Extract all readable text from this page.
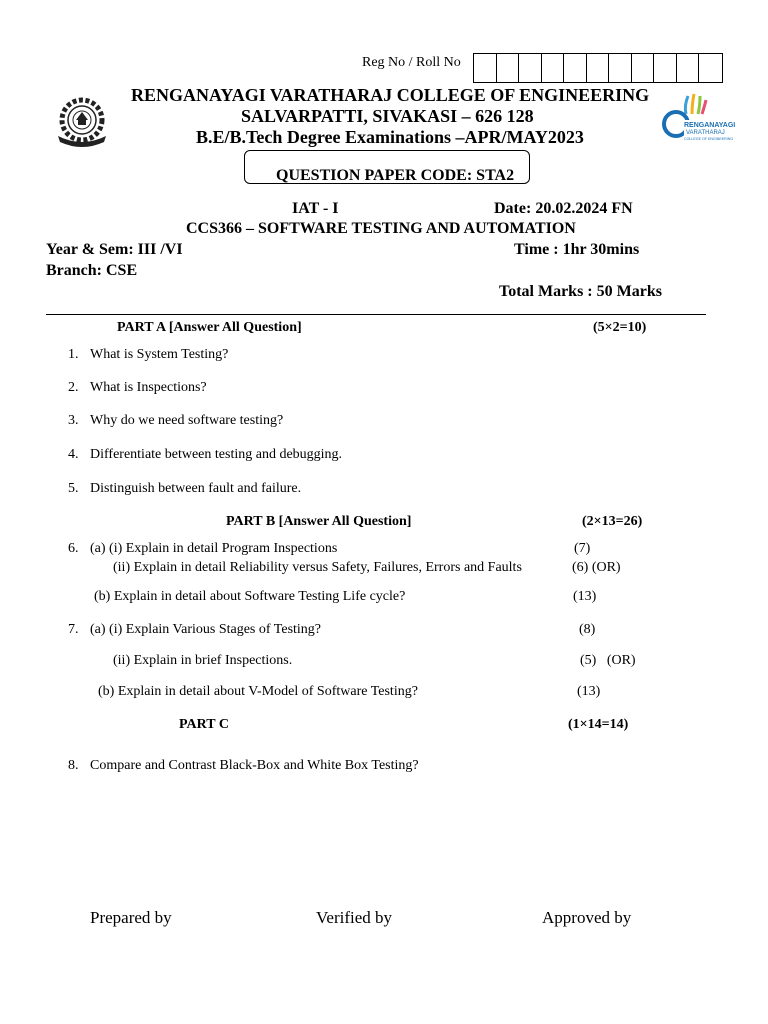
Reg No / Roll No
RENGANAYAGI
VARATHARAJ
COLLEGE OF ENGINEERING
RENGANAYAGI VARATHARAJ COLLEGE OF ENGINEERING
SALVARPATTI, SIVAKASI – 626 128
B.E/B.Tech Degree Examinations –APR/MAY2023
QUESTION PAPER CODE: STA2
IAT - I	Date: 20.02.2024 FN
CCS366 – SOFTWARE TESTING AND AUTOMATION
Year & Sem: III /VI	Time : 1hr 30mins
Branch: CSE
Total Marks : 50 Marks
PART A [Answer All Question]	(5×2=10)
1. What is System Testing?
2. What is Inspections?
3. Why do we need software testing?
4. Differentiate between testing and debugging.
5. Distinguish between fault and failure.
PART B [Answer All Question]	(2×13=26)
6. (a) (i) Explain in detail Program Inspections	(7)
(ii) Explain in detail Reliability versus Safety, Failures, Errors and Faults	(6) (OR)
(b) Explain in detail about Software Testing Life cycle?	(13)
7. (a) (i) Explain Various Stages of Testing?	(8)
(ii) Explain in brief Inspections.	(5)   (OR)
(b) Explain in detail about V-Model of Software Testing?	(13)
PART C	(1×14=14)
8. Compare and Contrast Black-Box and White Box Testing?
Prepared by	Verified by	Approved by
